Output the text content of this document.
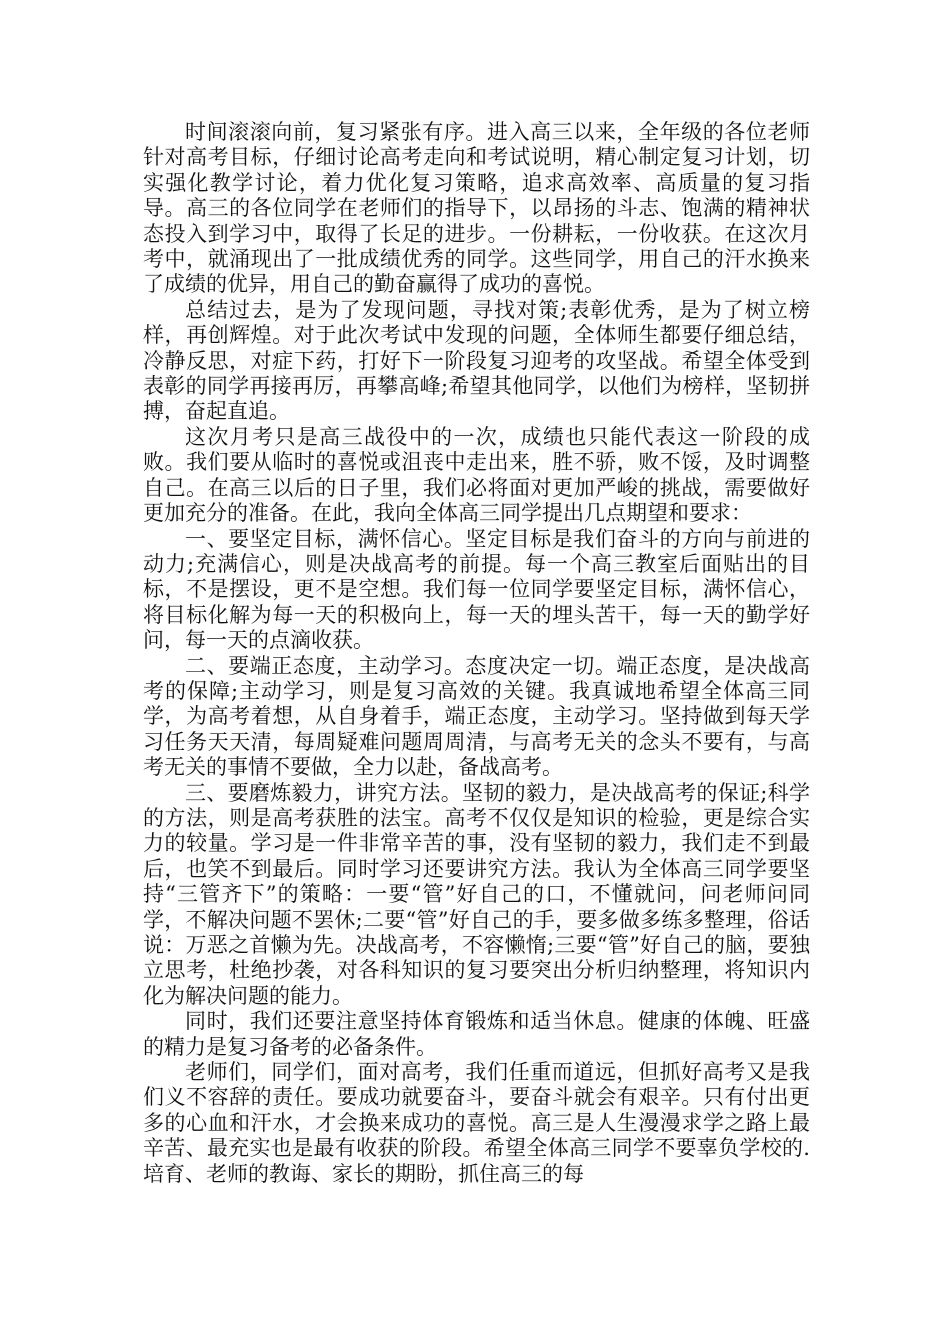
时间滚滚向前，复习紧张有序。进入高三以来，全年级的各位老师针对高考目标，仔细讨论高考走向和考试说明，精心制定复习计划，切实强化教学讨论，着力优化复习策略，追求高效率、高质量的复习指导。高三的各位同学在老师们的指导下，以昂扬的斗志、饱满的精神状态投入到学习中，取得了长足的进步。一份耕耘，一份收获。在这次月考中，就涌现出了一批成绩优秀的同学。这些同学，用自己的汗水换来了成绩的优异，用自己的勤奋赢得了成功的喜悦。

总结过去，是为了发现问题，寻找对策;表彰优秀，是为了树立榜样，再创辉煌。对于此次考试中发现的问题，全体师生都要仔细总结，冷静反思，对症下药，打好下一阶段复习迎考的攻坚战。希望全体受到表彰的同学再接再厉，再攀高峰;希望其他同学，以他们为榜样，坚韧拼搏，奋起直追。

这次月考只是高三战役中的一次，成绩也只能代表这一阶段的成败。我们要从临时的喜悦或沮丧中走出来，胜不骄，败不馁，及时调整自己。在高三以后的日子里，我们必将面对更加严峻的挑战，需要做好更加充分的准备。在此，我向全体高三同学提出几点期望和要求：

一、要坚定目标，满怀信心。坚定目标是我们奋斗的方向与前进的动力;充满信心，则是决战高考的前提。每一个高三教室后面贴出的目标，不是摆设，更不是空想。我们每一位同学要坚定目标，满怀信心，将目标化解为每一天的积极向上，每一天的埋头苦干，每一天的勤学好问，每一天的点滴收获。

二、要端正态度，主动学习。态度决定一切。端正态度，是决战高考的保障;主动学习，则是复习高效的关键。我真诚地希望全体高三同学，为高考着想，从自身着手，端正态度，主动学习。坚持做到每天学习任务天天清，每周疑难问题周周清，与高考无关的念头不要有，与高考无关的事情不要做，全力以赴，备战高考。

三、要磨炼毅力，讲究方法。坚韧的毅力，是决战高考的保证;科学的方法，则是高考获胜的法宝。高考不仅仅是知识的检验，更是综合实力的较量。学习是一件非常辛苦的事，没有坚韧的毅力，我们走不到最后，也笑不到最后。同时学习还要讲究方法。我认为全体高三同学要坚持“三管齐下”的策略：一要“管”好自己的口，不懂就问，问老师问同学，不解决问题不罢休;二要“管”好自己的手，要多做多练多整理，俗话说：万恶之首懒为先。决战高考，不容懒惰;三要“管”好自己的脑，要独立思考，杜绝抄袭，对各科知识的复习要突出分析归纳整理，将知识内化为解决问题的能力。

同时，我们还要注意坚持体育锻炼和适当休息。健康的体魄、旺盛的精力是复习备考的必备条件。

老师们，同学们，面对高考，我们任重而道远，但抓好高考又是我们义不容辞的责任。要成功就要奋斗，要奋斗就会有艰辛。只有付出更多的心血和汗水，才会换来成功的喜悦。高三是人生漫漫求学之路上最辛苦、最充实也是最有收获的阶段。希望全体高三同学不要辜负学校的.培育、老师的教诲、家长的期盼，抓住高三的每
